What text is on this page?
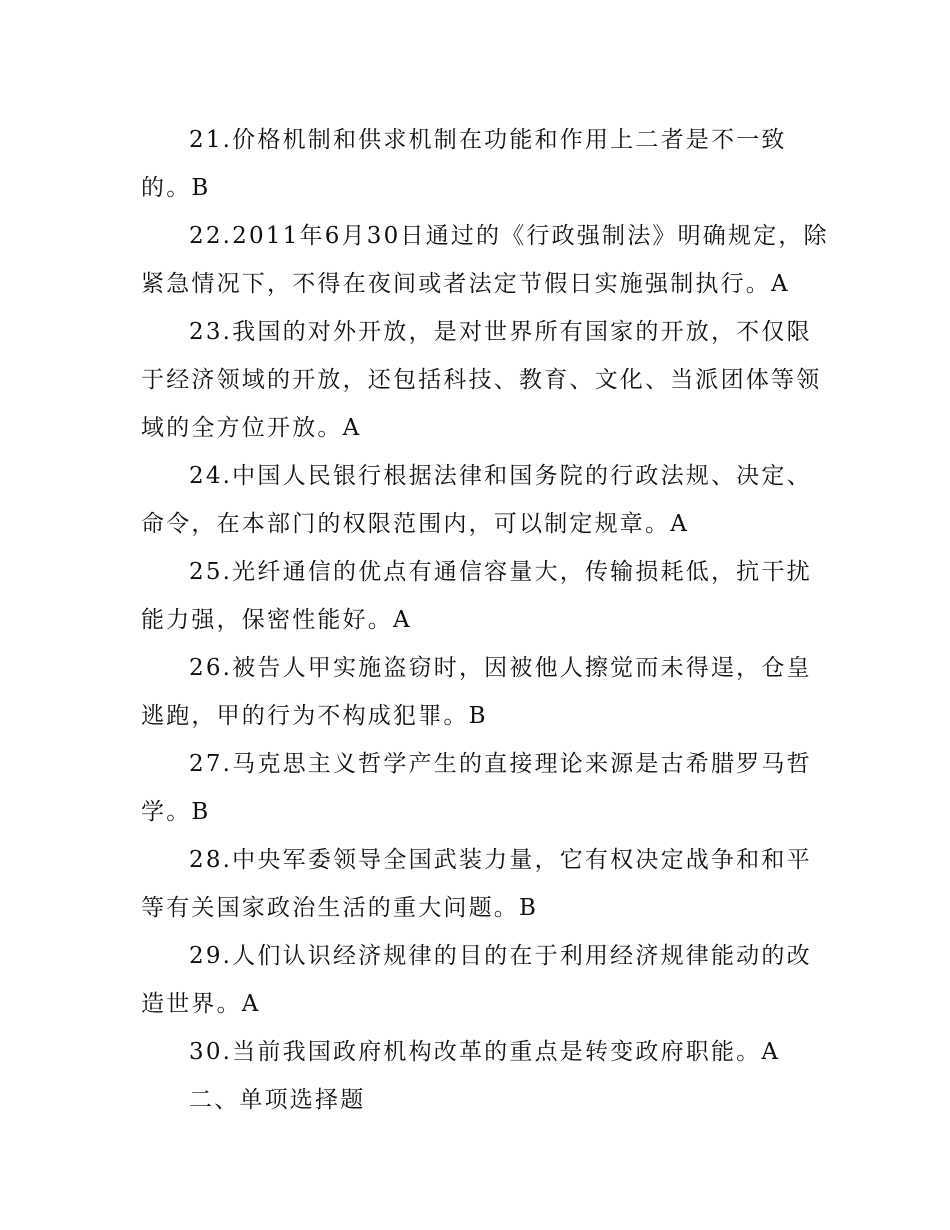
21.价格机制和供求机制在功能和作用上二者是不一致的。B

22.2011年6月30日通过的《行政强制法》明确规定，除紧急情况下，不得在夜间或者法定节假日实施强制执行。A

23.我国的对外开放，是对世界所有国家的开放，不仅限于经济领域的开放，还包括科技、教育、文化、当派团体等领域的全方位开放。A

24.中国人民银行根据法律和国务院的行政法规、决定、命令，在本部门的权限范围内，可以制定规章。A

25.光纤通信的优点有通信容量大，传输损耗低，抗干扰能力强，保密性能好。A

26.被告人甲实施盗窃时，因被他人擦觉而未得逞，仓皇逃跑，甲的行为不构成犯罪。B

27.马克思主义哲学产生的直接理论来源是古希腊罗马哲学。B

28.中央军委领导全国武装力量，它有权决定战争和和平等有关国家政治生活的重大问题。B

29.人们认识经济规律的目的在于利用经济规律能动的改造世界。A

30.当前我国政府机构改革的重点是转变政府职能。A

二、单项选择题
